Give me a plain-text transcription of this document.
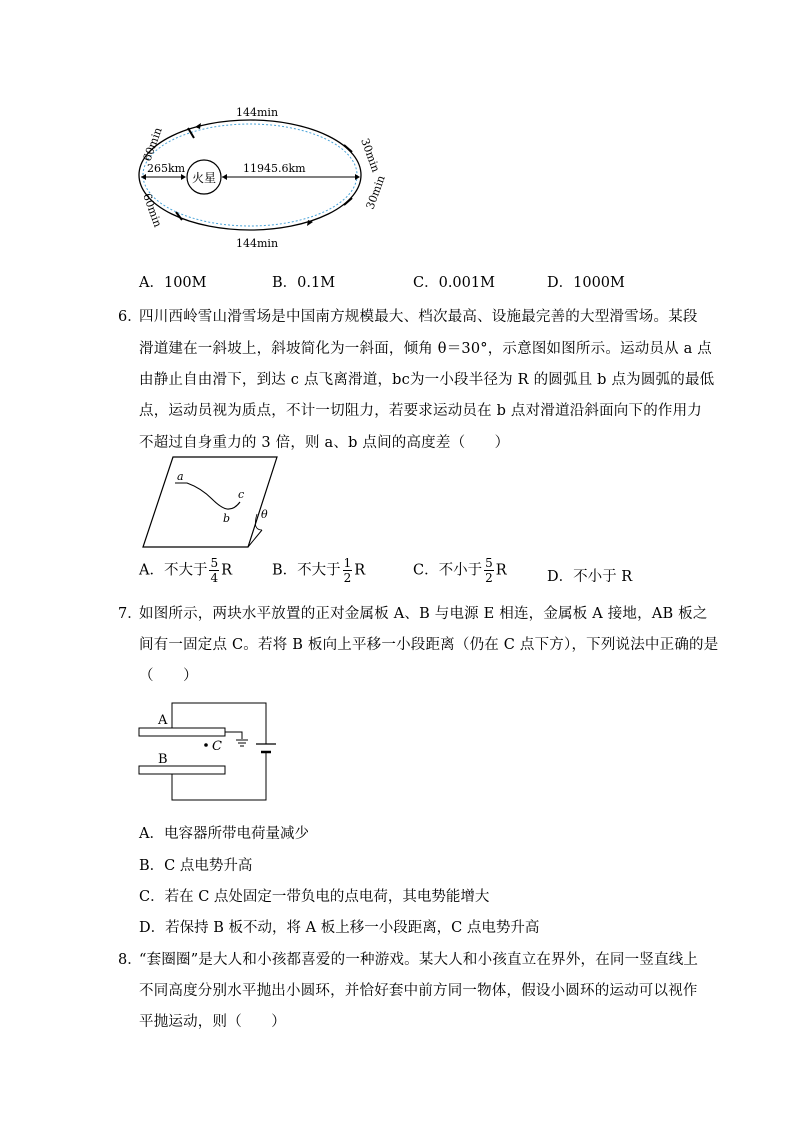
火星
265km	11945.6km
144min
144min
60min
60min
30min
30min
A．100M	B．0.1M	C．0.001M	D．1000M
6．
四川西岭雪山滑雪场是中国南方规模最大、档次最高、设施最完善的大型滑雪场。某段
滑道建在一斜坡上，斜坡简化为一斜面，倾角 θ＝30°，示意图如图所示。运动员从 a 点
由静止自由滑下，到达 c 点飞离滑道，bc为一小段半径为 R 的圆弧且 b 点为圆弧的最低
点，运动员视为质点，不计一切阻力，若要求运动员在 b 点对滑道沿斜面向下的作用力
不超过自身重力的 3 倍，则 a、b 点间的高度差（　　）
a
b
c
θ
A．不大于 $\frac{5}{4}$ R	B．不大于 $\frac{1}{2}$ R	C．不小于 $\frac{5}{2}$ R	D．不小于 R
7．
如图所示，两块水平放置的正对金属板 A、B 与电源 E 相连，金属板 A 接地，AB 板之
间有一固定点 C。若将 B 板向上平移一小段距离（仍在 C 点下方），下列说法中正确的是
（　　）
A
B
C
A．电容器所带电荷量减少
B．C 点电势升高
C．若在 C 点处固定一带负电的点电荷，其电势能增大
D．若保持 B 板不动，将 A 板上移一小段距离，C 点电势升高
8．
“套圈圈”是大人和小孩都喜爱的一种游戏。某大人和小孩直立在界外，在同一竖直线上
不同高度分别水平抛出小圆环，并恰好套中前方同一物体，假设小圆环的运动可以视作
平抛运动，则（　　）
